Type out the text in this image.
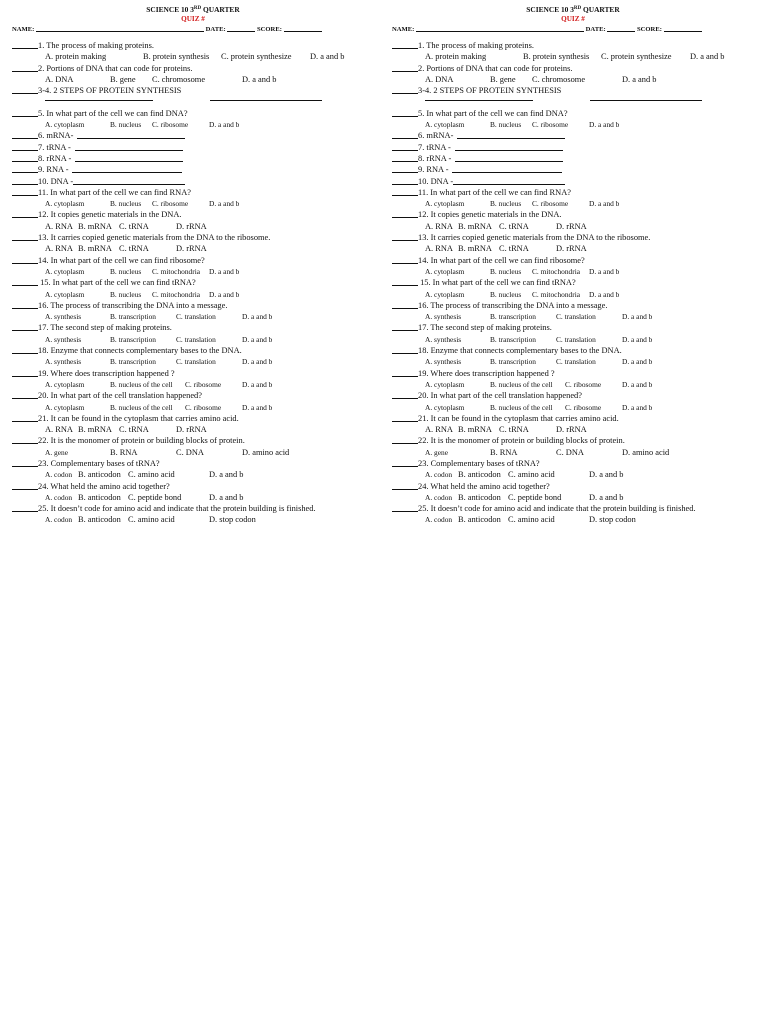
SCIENCE 10 3RD QUARTER
QUIZ #
NAME:	DATE:	SCORE:
1. The process of making proteins.
A. protein making	B. protein synthesis C. protein synthesize D. a and b
2. Portions of DNA that can code for proteins.
A. DNA	B. gene C. chromosome	D. a and b
3-4. 2 STEPS OF PROTEIN SYNTHESIS
5. In what part of the cell we can find DNA?
A. cytoplasm	B. nucleus C. ribosome	D. a and b
6. mRNA-
7. tRNA -
8. rRNA -
9. RNA -
10. DNA -
11. In what part of the cell we can find RNA?
A. cytoplasm	B. nucleus C. ribosome	D. a and b
12. It copies genetic materials in the DNA.
A. RNA B. mRNA C. tRNA	D. rRNA
13. It carries copied genetic materials from the DNA to the ribosome.
A. RNA B. mRNA C. tRNA	D. rRNA
14. In what part of the cell we can find ribosome?
A. cytoplasm	B. nucleus C. mitochondria D. a and b
15. In what part of the cell we can find tRNA?
A. cytoplasm	B. nucleus C. mitochondria D. a and b
16. The process of transcribing the DNA into a message.
A. synthesis	B. transcription	C. translation	D. a and b
17. The second step of making proteins.
A. synthesis	B. transcription	C. translation	D. a and b
18. Enzyme that connects complementary bases to the DNA.
A. synthesis	B. transcription	C. translation	D. a and b
19. Where does transcription happened ?
A. cytoplasm	B. nucleus of the cell C. ribosome	D. a and b
20. In what part of the cell translation happened?
A. cytoplasm	B. nucleus of the cell C. ribosome	D. a and b
21. It can be found in the cytoplasm that carries amino acid.
A. RNA B. mRNA C. tRNA	D. rRNA
22. It is the monomer of protein or building blocks of protein.
A. gene	B. RNA	C. DNA	D. amino acid
23. Complementary bases of tRNA?
A. codon B. anticodon C. amino acid	D. a and b
24. What held the amino acid together?
A. codon B. anticodon C. peptide bond	D. a and b
25. It doesn’t code for amino acid and indicate that the protein building is finished.
A. codon B. anticodon C. amino acid	D. stop codon
SCIENCE 10 3RD QUARTER
QUIZ #
NAME:	DATE:	SCORE:
1. The process of making proteins.
A. protein making	B. protein synthesis C. protein synthesize D. a and b
2. Portions of DNA that can code for proteins.
A. DNA	B. gene C. chromosome	D. a and b
3-4. 2 STEPS OF PROTEIN SYNTHESIS
5. In what part of the cell we can find DNA?
A. cytoplasm	B. nucleus C. ribosome	D. a and b
6. mRNA-
7. tRNA -
8. rRNA -
9. RNA -
10. DNA -
11. In what part of the cell we can find RNA?
A. cytoplasm	B. nucleus C. ribosome	D. a and b
12. It copies genetic materials in the DNA.
A. RNA B. mRNA C. tRNA	D. rRNA
13. It carries copied genetic materials from the DNA to the ribosome.
A. RNA B. mRNA C. tRNA	D. rRNA
14. In what part of the cell we can find ribosome?
A. cytoplasm	B. nucleus C. mitochondria D. a and b
15. In what part of the cell we can find tRNA?
A. cytoplasm	B. nucleus C. mitochondria D. a and b
16. The process of transcribing the DNA into a message.
A. synthesis	B. transcription	C. translation	D. a and b
17. The second step of making proteins.
A. synthesis	B. transcription	C. translation	D. a and b
18. Enzyme that connects complementary bases to the DNA.
A. synthesis	B. transcription	C. translation	D. a and b
19. Where does transcription happened ?
A. cytoplasm	B. nucleus of the cell C. ribosome	D. a and b
20. In what part of the cell translation happened?
A. cytoplasm	B. nucleus of the cell C. ribosome	D. a and b
21. It can be found in the cytoplasm that carries amino acid.
A. RNA B. mRNA C. tRNA	D. rRNA
22. It is the monomer of protein or building blocks of protein.
A. gene	B. RNA	C. DNA	D. amino acid
23. Complementary bases of tRNA?
A. codon B. anticodon C. amino acid	D. a and b
24. What held the amino acid together?
A. codon B. anticodon C. peptide bond	D. a and b
25. It doesn’t code for amino acid and indicate that the protein building is finished.
A. codon B. anticodon C. amino acid	D. stop codon
